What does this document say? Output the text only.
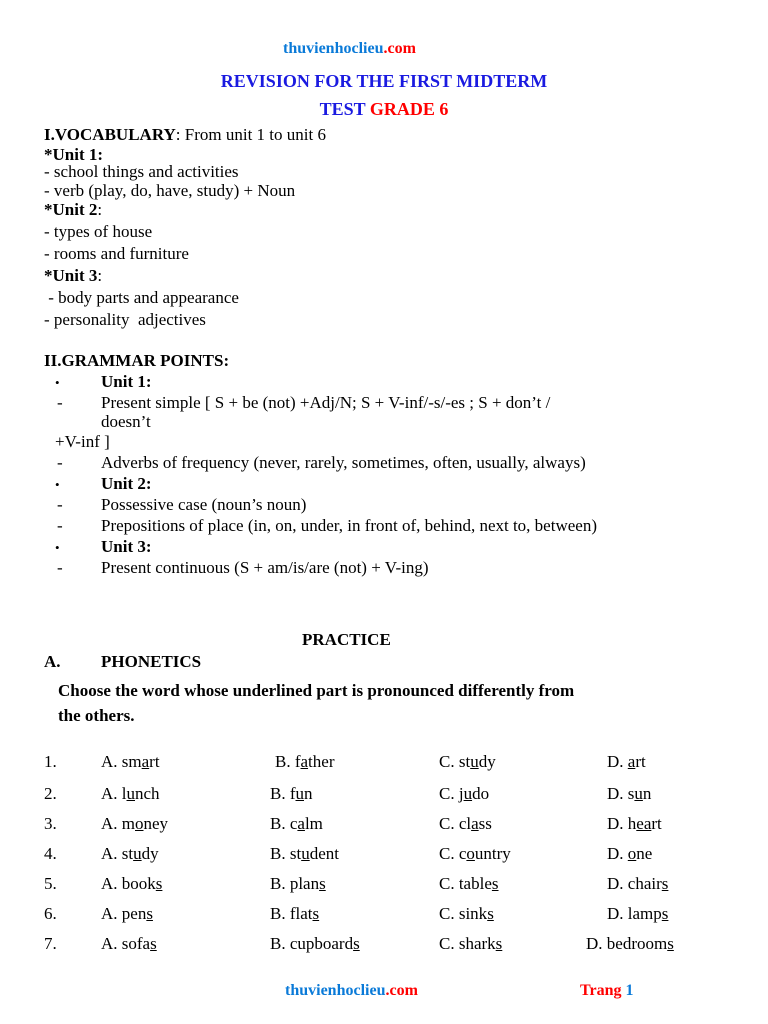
thuvienhoclieu.com
REVISION FOR THE FIRST MIDTERM
TEST GRADE 6
I.VOCABULARY: From unit 1 to unit 6
*Unit 1:
- school things and activities
- verb (play, do, have, study) + Noun
*Unit 2:
- types of house
- rooms and furniture
*Unit 3:
- body parts and appearance
- personality  adjectives
II.GRAMMAR POINTS:
• Unit 1:
- Present simple [ S + be (not) +Adj/N; S + V-inf/-s/-es ; S + don’t /
doesn’t
+V-inf ]
- Adverbs of frequency (never, rarely, sometimes, often, usually, always)
• Unit 2:
- Possessive case (noun’s noun)
- Prepositions of place (in, on, under, in front of, behind, next to, between)
• Unit 3:
- Present continuous (S + am/is/are (not) + V-ing)
PRACTICE
A. PHONETICS
Choose the word whose underlined part is pronounced differently from
the others.
1.	A. smart	B. father	C. study	D. art
2.	A. lunch	B. fun	C. judo	D. sun
3.	A. money	B. calm	C. class	D. heart
4.	A. study	B. student	C. country	D. one
5.	A. books	B. plans	C. tables	D. chairs
6.	A. pens	B. flats	C. sinks	D. lamps
7.	A. sofas	B. cupboards	C. sharks	D. bedrooms
thuvienhoclieu.com	Trang 1
